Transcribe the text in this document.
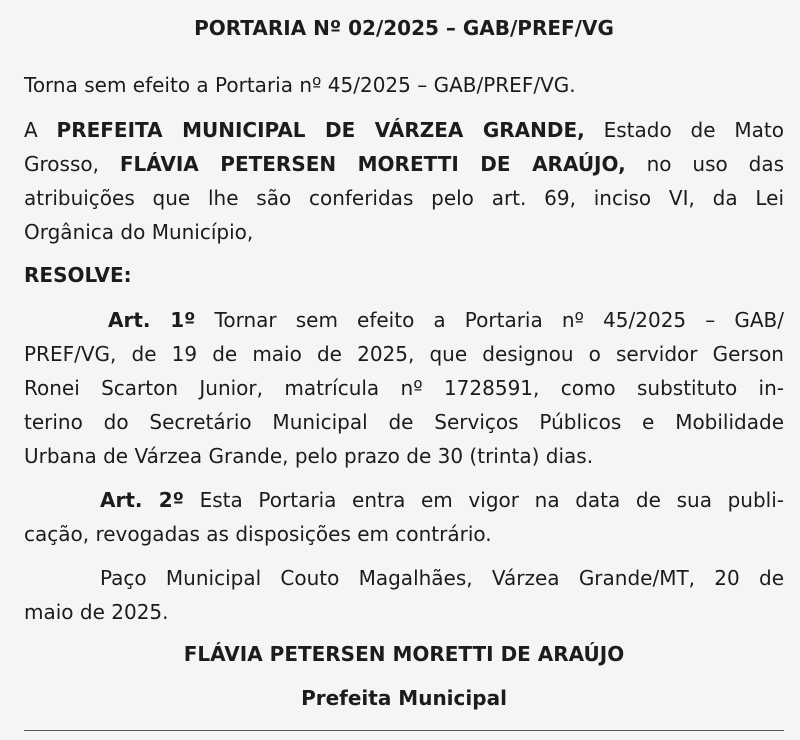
PORTARIA Nº 02/2025 – GAB/PREF/VG
Torna sem efeito a Portaria nº 45/2025 – GAB/PREF/VG.
A PREFEITA MUNICIPAL DE VÁRZEA GRANDE, Estado de Mato
Grosso, FLÁVIA PETERSEN MORETTI DE ARAÚJO, no uso das
atribuições que lhe são conferidas pelo art. 69, inciso VI, da Lei
Orgânica do Município,
RESOLVE:
Art. 1º Tornar sem efeito a Portaria nº 45/2025 – GAB/
PREF/VG, de 19 de maio de 2025, que designou o servidor Gerson
Ronei Scarton Junior, matrícula nº 1728591, como substituto in-
terino do Secretário Municipal de Serviços Públicos e Mobilidade
Urbana de Várzea Grande, pelo prazo de 30 (trinta) dias.
Art. 2º Esta Portaria entra em vigor na data de sua publi-
cação, revogadas as disposições em contrário.
Paço Municipal Couto Magalhães, Várzea Grande/MT, 20 de
maio de 2025.
FLÁVIA PETERSEN MORETTI DE ARAÚJO
Prefeita Municipal
